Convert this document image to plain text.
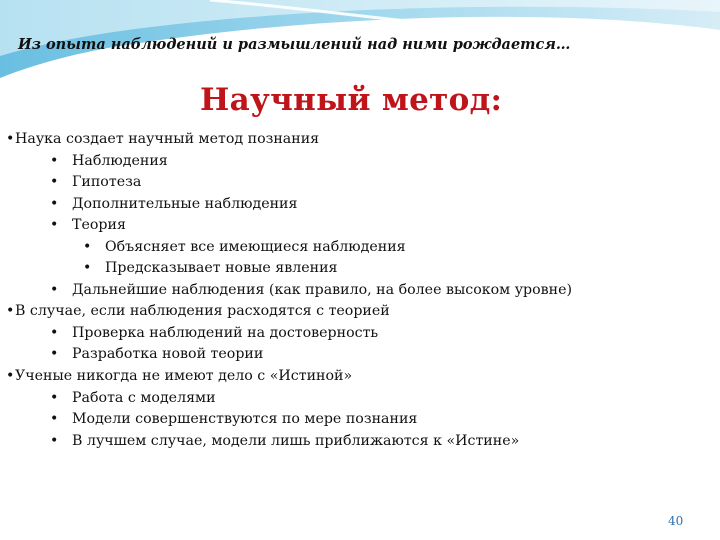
Из опыта наблюдений и размышлений над ними рождается…
Научный метод:
•Наука создает научный метод познания
• Наблюдения
• Гипотеза
• Дополнительные наблюдения
• Теория
• Объясняет все имеющиеся наблюдения
• Предсказывает новые явления
• Дальнейшие наблюдения (как правило, на более высоком уровне)
•В случае, если наблюдения расходятся с теорией
• Проверка наблюдений на достоверность
• Разработка новой теории
•Ученые никогда не имеют дело с «Истиной»
• Работа с моделями
• Модели совершенствуются по мере познания
• В лучшем случае, модели лишь приближаются к «Истине»
40
